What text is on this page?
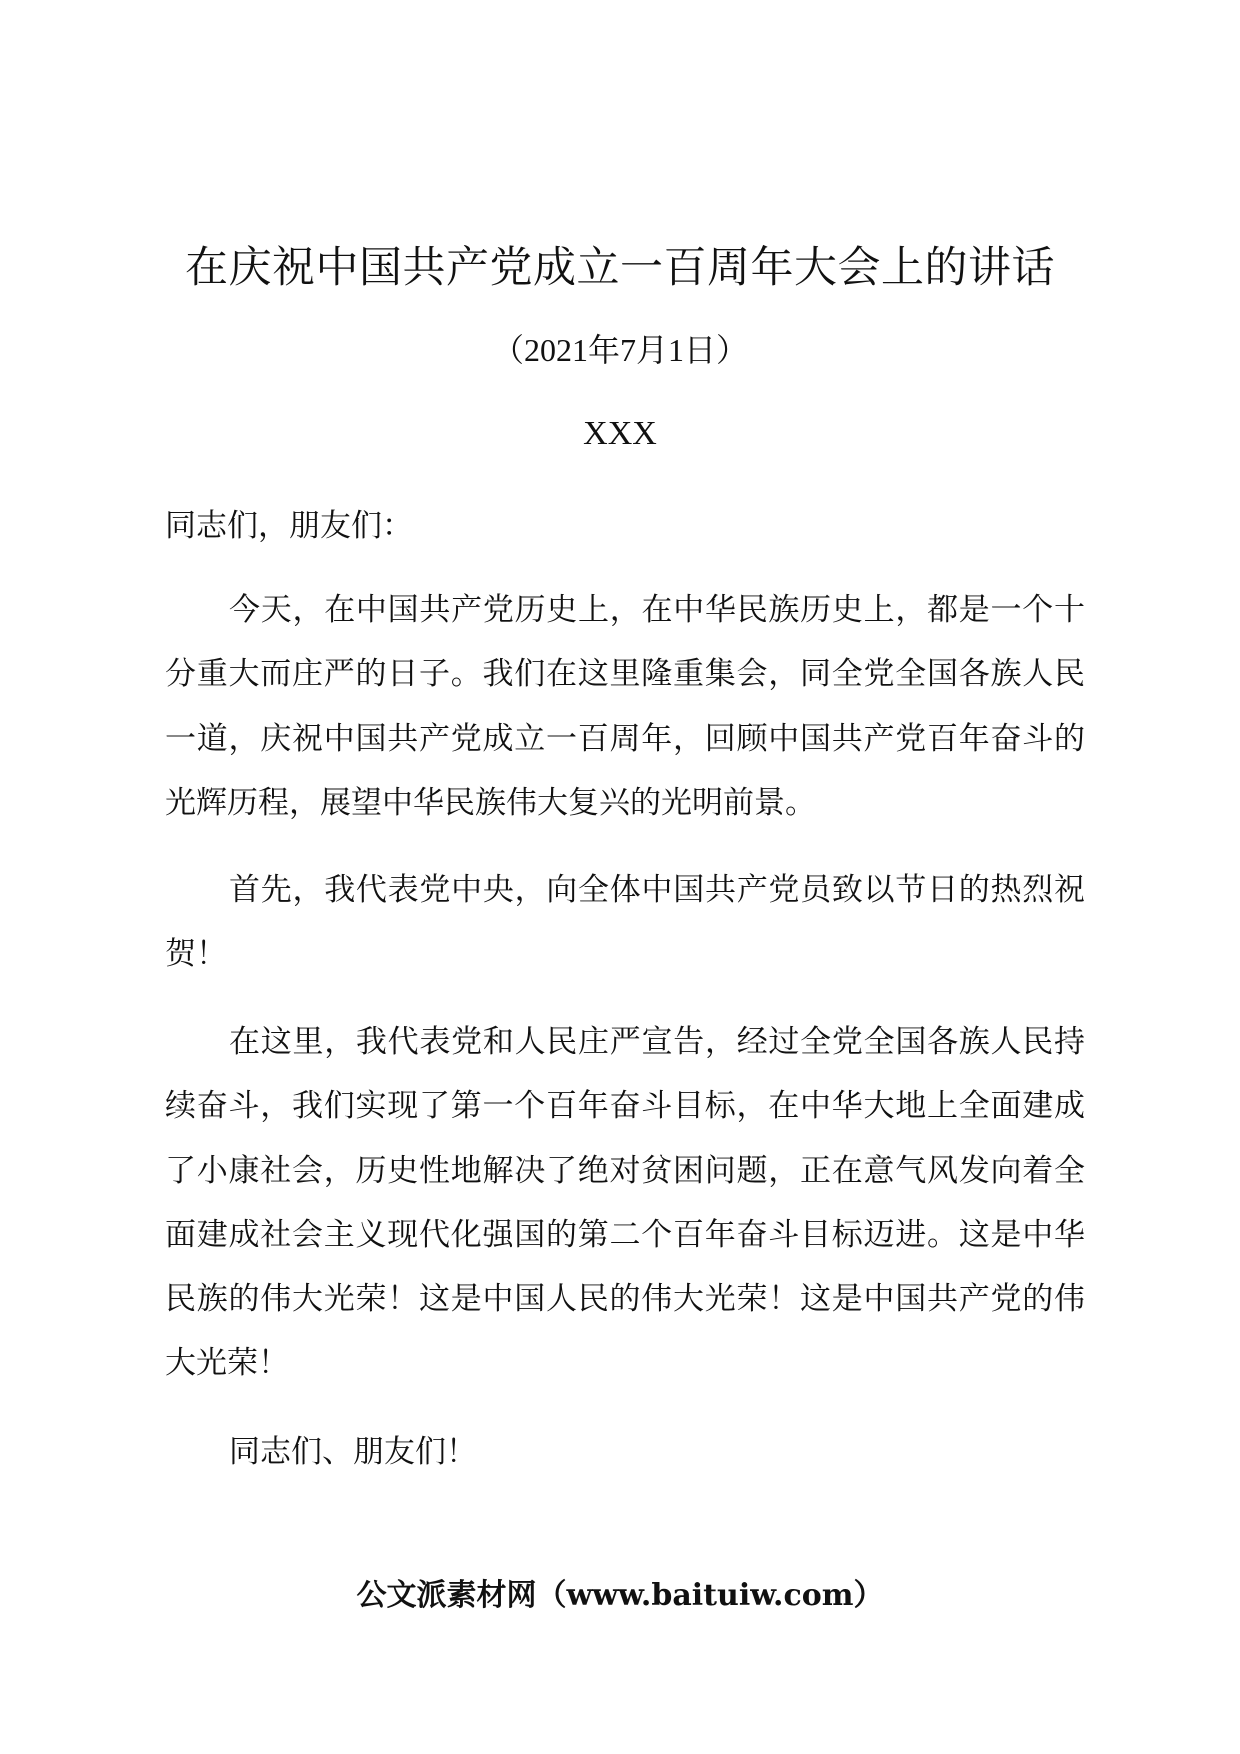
在庆祝中国共产党成立一百周年大会上的讲话
（2021年7月1日）
XXX
同志们，朋友们：
今天，在中国共产党历史上，在中华民族历史上，都是一个十分重大而庄严的日子。我们在这里隆重集会，同全党全国各族人民一道，庆祝中国共产党成立一百周年，回顾中国共产党百年奋斗的光辉历程，展望中华民族伟大复兴的光明前景。
首先，我代表党中央，向全体中国共产党员致以节日的热烈祝贺！
在这里，我代表党和人民庄严宣告，经过全党全国各族人民持续奋斗，我们实现了第一个百年奋斗目标，在中华大地上全面建成了小康社会，历史性地解决了绝对贫困问题，正在意气风发向着全面建成社会主义现代化强国的第二个百年奋斗目标迈进。这是中华民族的伟大光荣！这是中国人民的伟大光荣！这是中国共产党的伟大光荣！
同志们、朋友们！
公文派素材网（www.baituiw.com）
